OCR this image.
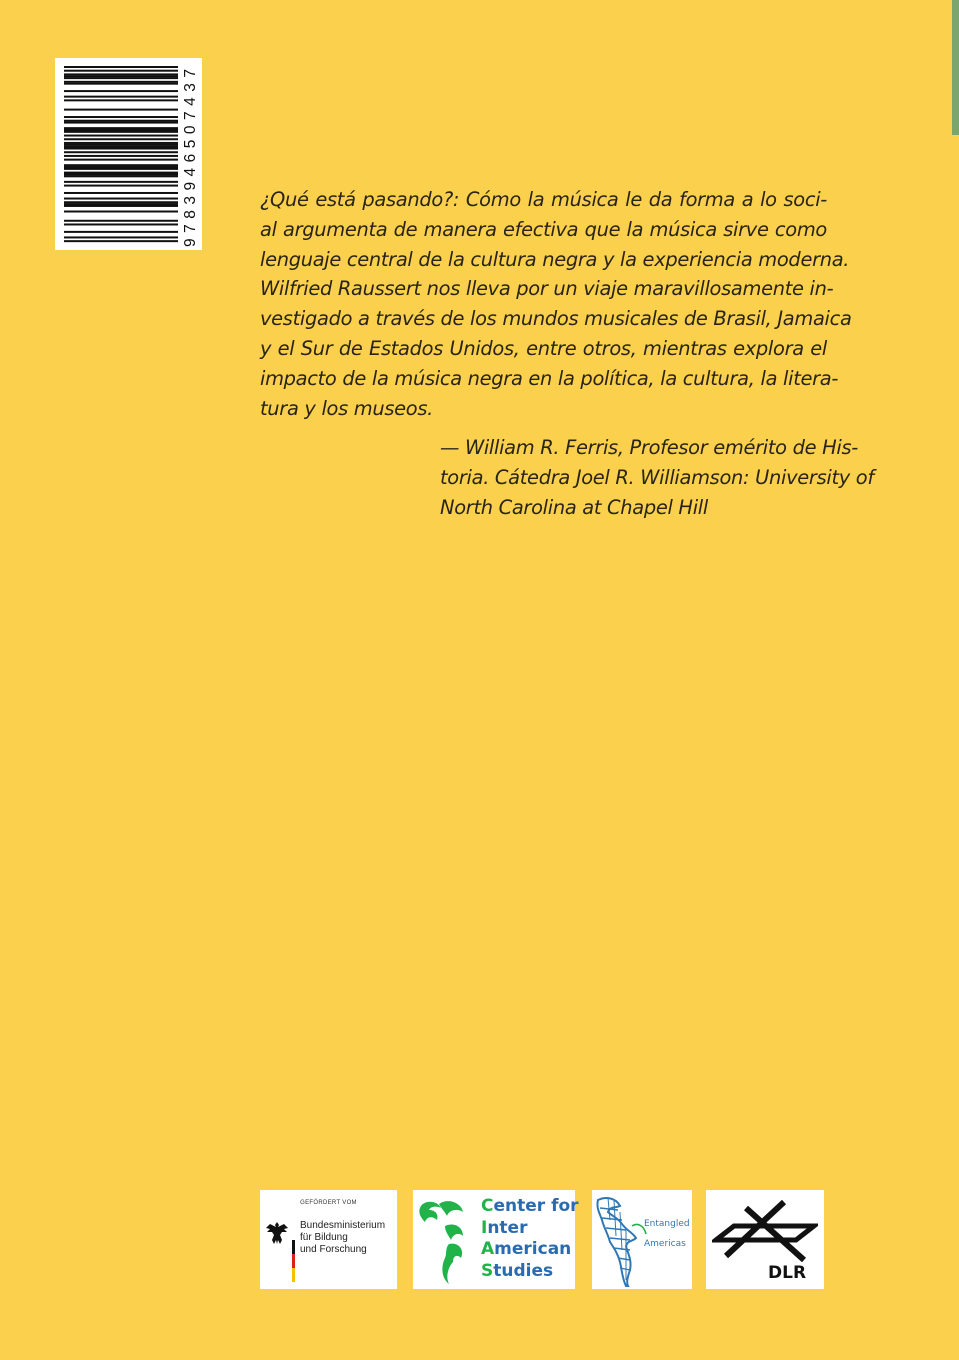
9783946507437
¿Qué está pasando?: Cómo la música le da forma a lo soci-
al argumenta de manera efectiva que la música sirve como
lenguaje central de la cultura negra y la experiencia moderna.
Wilfried Raussert nos lleva por un viaje maravillosamente in-
vestigado a través de los mundos musicales de Brasil, Jamaica
y el Sur de Estados Unidos, entre otros, mientras explora el
impacto de la música negra en la política, la cultura, la litera-
tura y los museos.
— William R. Ferris, Profesor emérito de His-
toria. Cátedra Joel R. Williamson: University of
North Carolina at Chapel Hill
GEFÖRDERT VOM
Bundesministerium
für Bildung
und Forschung
Center for
Inter
American
Studies
Entangled
Americas
DLR
